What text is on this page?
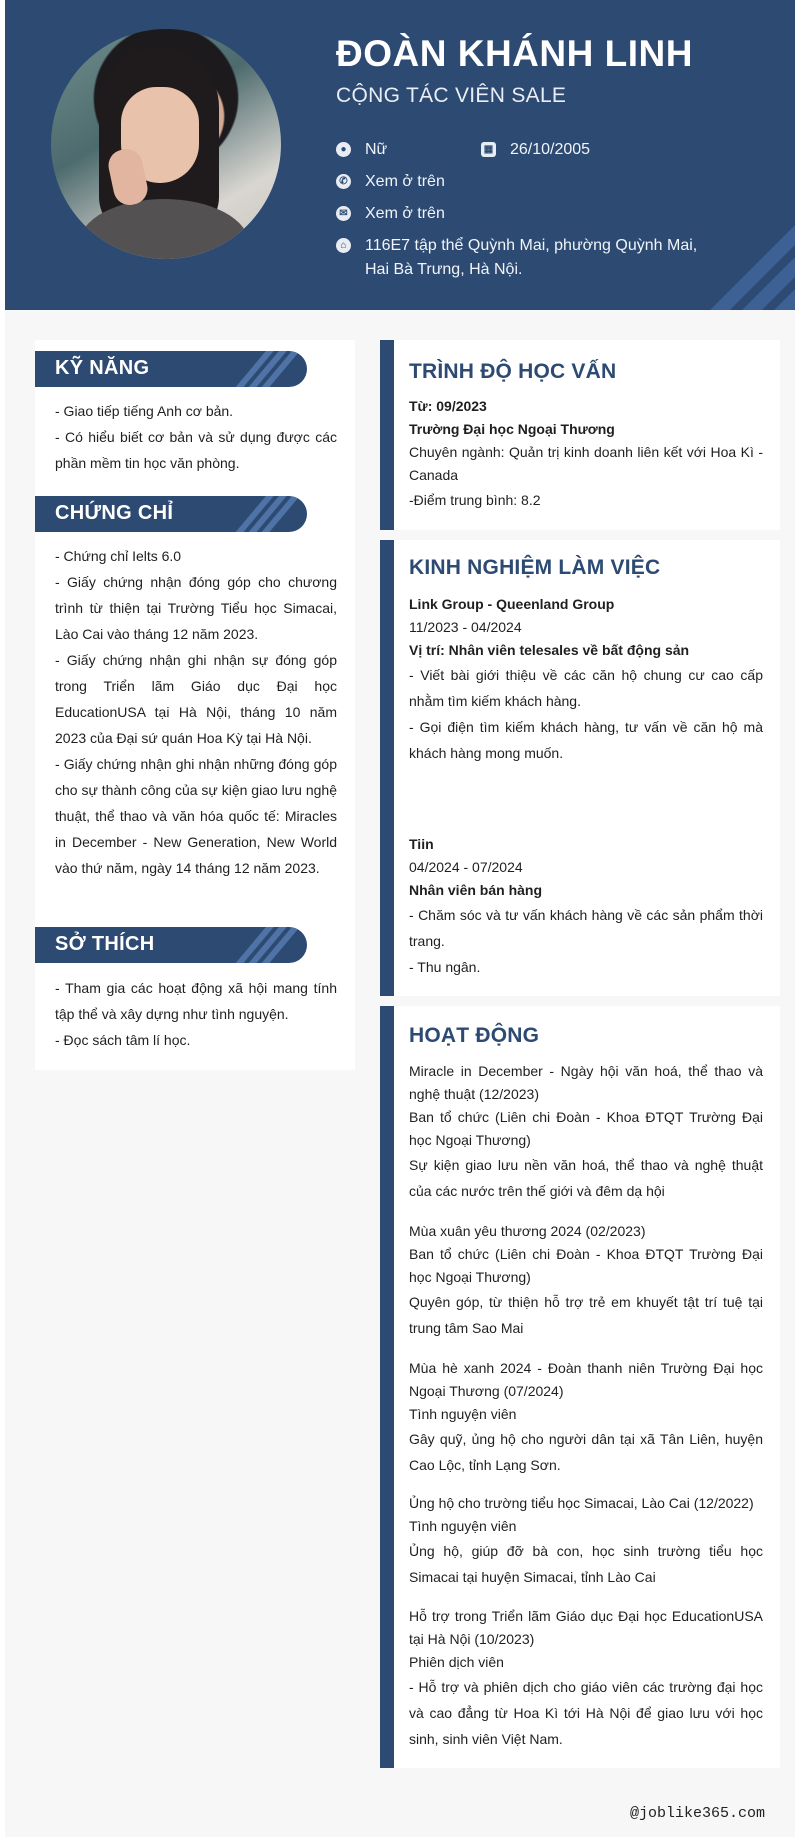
ĐOÀN KHÁNH LINH
CỘNG TÁC VIÊN SALE
● Nữ	▦ 26/10/2005
✆ Xem ở trên
✉ Xem ở trên
⌂ 116E7 tập thể Quỳnh Mai, phường Quỳnh Mai,
Hai Bà Trưng, Hà Nội.
KỸ NĂNG
- Giao tiếp tiếng Anh cơ bản.
- Có hiểu biết cơ bản và sử dụng được các phần mềm tin học văn phòng.
CHỨNG CHỈ
- Chứng chỉ Ielts 6.0
- Giấy chứng nhận đóng góp cho chương trình từ thiện tại Trường Tiểu học Simacai, Lào Cai vào tháng 12 năm 2023.
- Giấy chứng nhận ghi nhận sự đóng góp trong Triển lãm Giáo dục Đại học EducationUSA tại Hà Nội, tháng 10 năm 2023 của Đại sứ quán Hoa Kỳ tại Hà Nội.
- Giấy chứng nhận ghi nhận những đóng góp cho sự thành công của sự kiện giao lưu nghệ thuật, thể thao và văn hóa quốc tế: Miracles in December - New Generation, New World vào thứ năm, ngày 14 tháng 12 năm 2023.
SỞ THÍCH
- Tham gia các hoạt động xã hội mang tính tập thể và xây dựng như tình nguyện.
- Đọc sách tâm lí học.
TRÌNH ĐỘ HỌC VẤN
Từ: 09/2023
Trường Đại học Ngoại Thương
Chuyên ngành: Quản trị kinh doanh liên kết với Hoa Kì - Canada
-Điểm trung bình: 8.2
KINH NGHIỆM LÀM VIỆC
Link Group - Queenland Group
11/2023 - 04/2024
Vị trí: Nhân viên telesales về bất động sản
- Viết bài giới thiệu về các căn hộ chung cư cao cấp nhằm tìm kiếm khách hàng.
- Gọi điện tìm kiếm khách hàng, tư vấn về căn hộ mà khách hàng mong muốn.
Tiin
04/2024 - 07/2024
Nhân viên bán hàng
- Chăm sóc và tư vấn khách hàng về các sản phẩm thời trang.
- Thu ngân.
HOẠT ĐỘNG
Miracle in December - Ngày hội văn hoá, thể thao và nghệ thuật (12/2023)
Ban tổ chức (Liên chi Đoàn - Khoa ĐTQT Trường Đại học Ngoại Thương)
Sự kiện giao lưu nền văn hoá, thể thao và nghệ thuật của các nước trên thế giới và đêm dạ hội
Mùa xuân yêu thương 2024 (02/2023)
Ban tổ chức (Liên chi Đoàn - Khoa ĐTQT Trường Đại học Ngoại Thương)
Quyên góp, từ thiện hỗ trợ trẻ em khuyết tật trí tuệ tại trung tâm Sao Mai
Mùa hè xanh 2024 - Đoàn thanh niên Trường Đại học Ngoại Thương (07/2024)
Tình nguyện viên
Gây quỹ, ủng hộ cho người dân tại xã Tân Liên, huyện Cao Lộc, tỉnh Lạng Sơn.
Ủng hộ cho trường tiểu học Simacai, Lào Cai (12/2022)
Tình nguyện viên
Ủng hộ, giúp đỡ bà con, học sinh trường tiểu học Simacai tại huyện Simacai, tỉnh Lào Cai
Hỗ trợ trong Triển lãm Giáo dục Đại học EducationUSA tại Hà Nội (10/2023)
Phiên dịch viên
- Hỗ trợ và phiên dịch cho giáo viên các trường đại học và cao đẳng từ Hoa Kì tới Hà Nội để giao lưu với học sinh, sinh viên Việt Nam.
@joblike365.com
